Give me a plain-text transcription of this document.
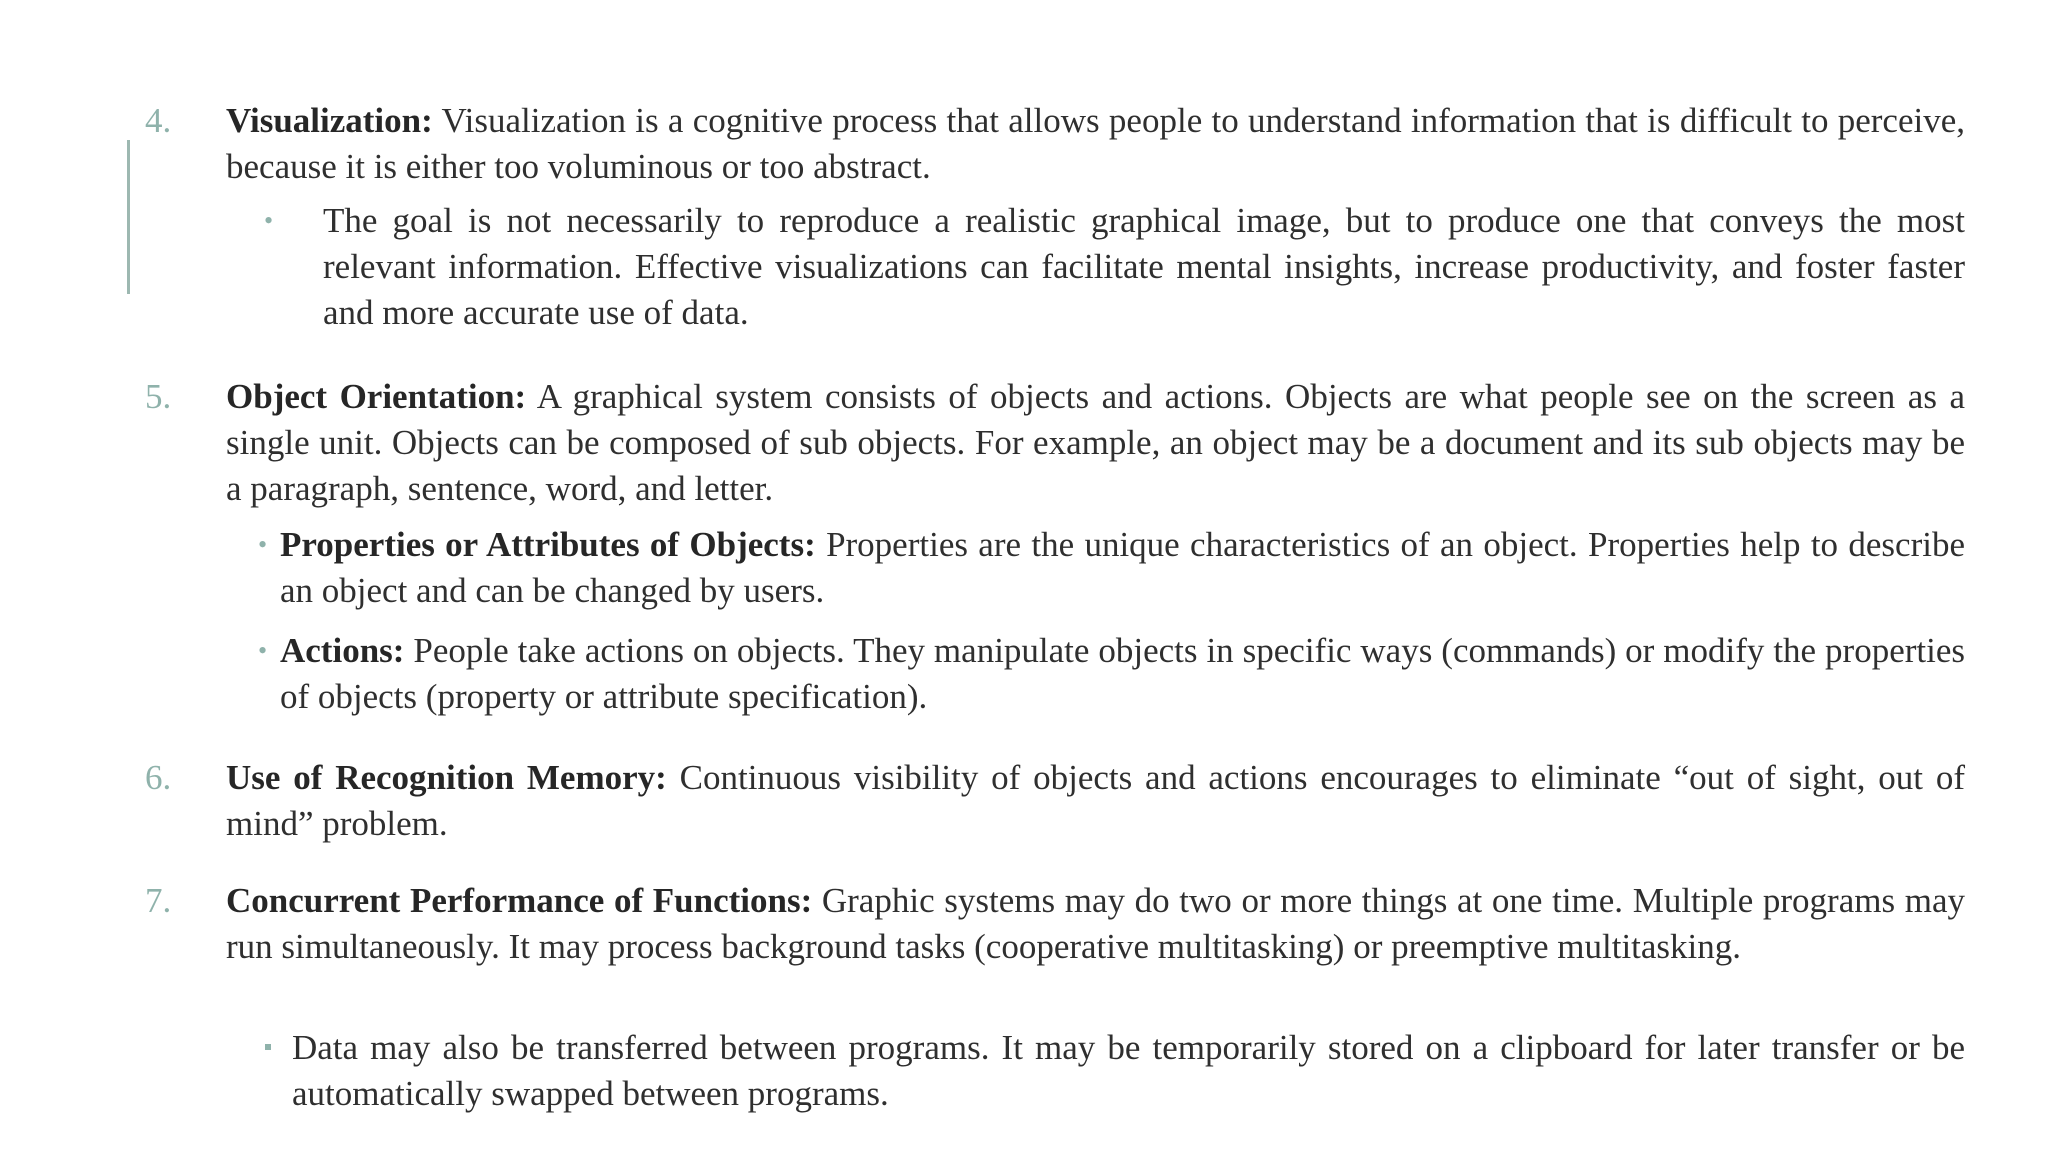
4.	Visualization: Visualization is a cognitive process that allows people to understand information that is difficult to perceive, because it is either too voluminous or too abstract.
• The goal is not necessarily to reproduce a realistic graphical image, but to produce one that conveys the most relevant information. Effective visualizations can facilitate mental insights, increase productivity, and foster faster and more accurate use of data.
5.	Object Orientation: A graphical system consists of objects and actions. Objects are what people see on the screen as a single unit. Objects can be composed of sub objects. For example, an object may be a document and its sub objects may be a paragraph, sentence, word, and letter.
• Properties or Attributes of Objects: Properties are the unique characteristics of an object. Properties help to describe an object and can be changed by users.
• Actions: People take actions on objects. They manipulate objects in specific ways (commands) or modify the properties of objects (property or attribute specification).
6.	Use of Recognition Memory: Continuous visibility of objects and actions encourages to eliminate “out of sight, out of mind” problem.
7.	Concurrent Performance of Functions: Graphic systems may do two or more things at one time. Multiple programs may run simultaneously. It may process background tasks (cooperative multitasking) or preemptive multitasking.
Data may also be transferred between programs. It may be temporarily stored on a clipboard for later transfer or be automatically swapped between programs.
